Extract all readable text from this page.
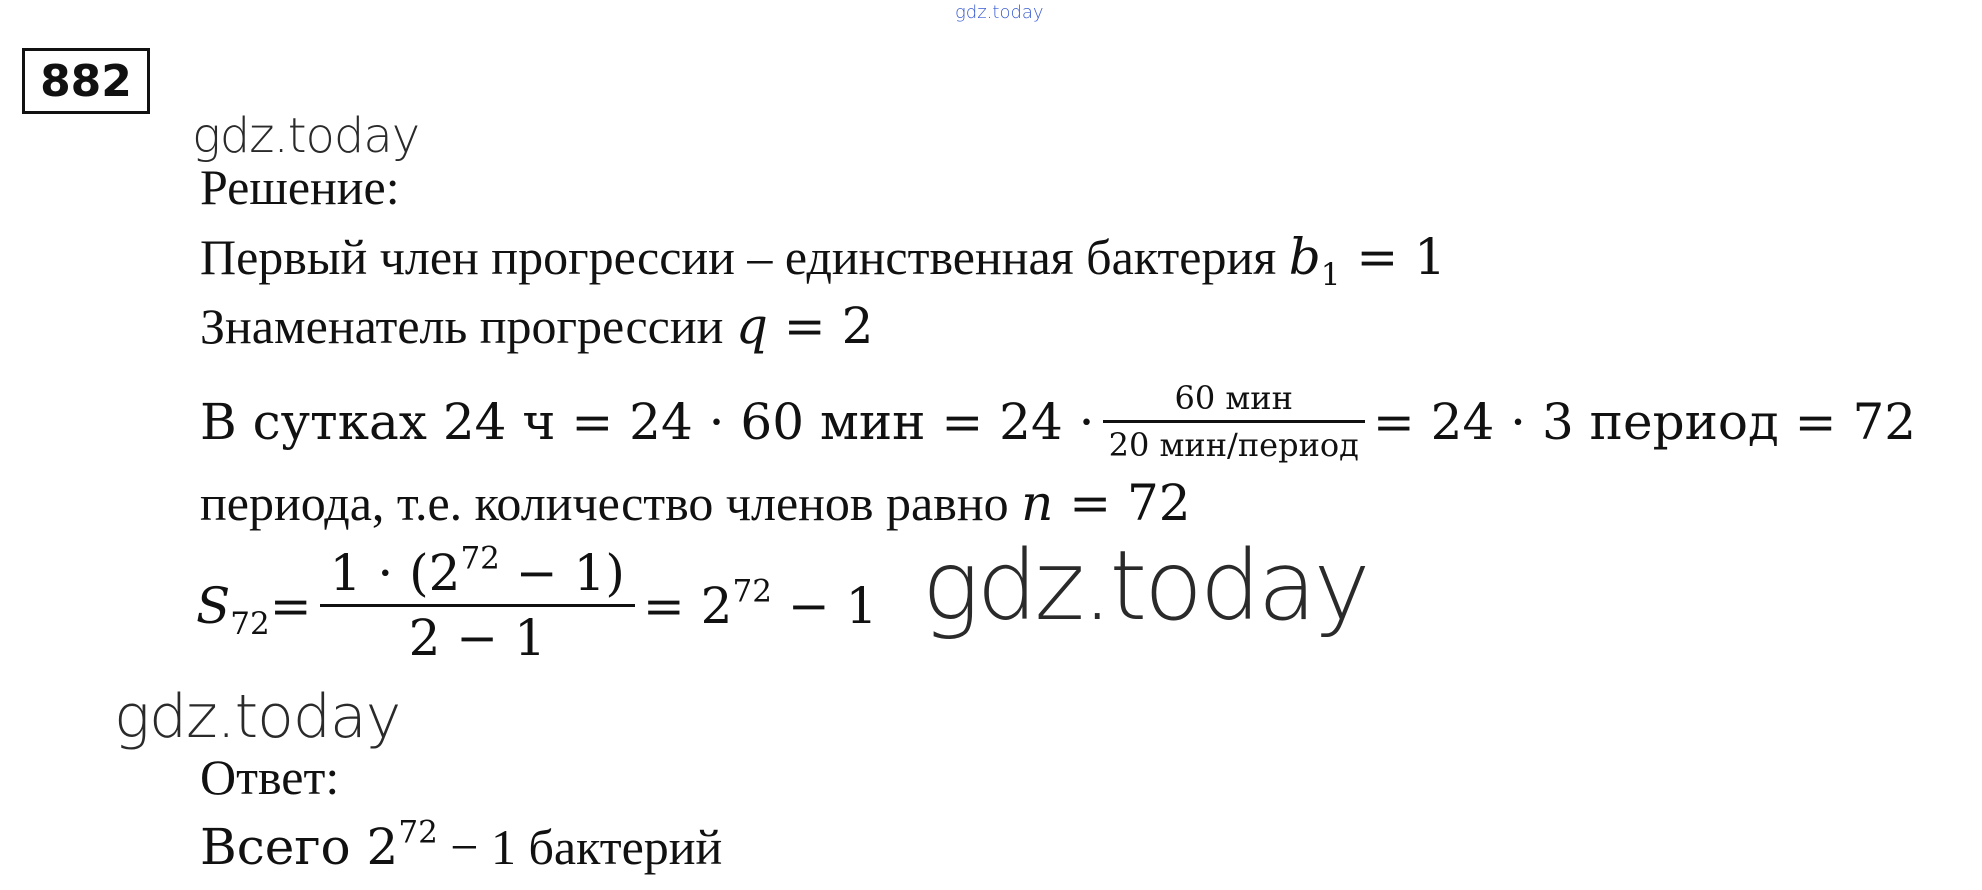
gdz.today
gdz.today
gdz.today
882
Решение:
Первый член прогрессии – единственная бактерия $b_1 = 1$
Знаменатель прогрессии q = 2
В сутках 24 ч = 24 · 60 мин = $24 \cdot \frac{\text{60 мин}}{\text{20 мин/период}} = 24 \cdot 3$ период = 72
периода, т.е. количество членов равно n = 72
$S_{72} = \frac{1 \cdot (2^{72} - 1)}{2 - 1} = 2^{72} - 1$ gdz.today
Ответ:
Всего $2^{72} - 1$ бактерий
